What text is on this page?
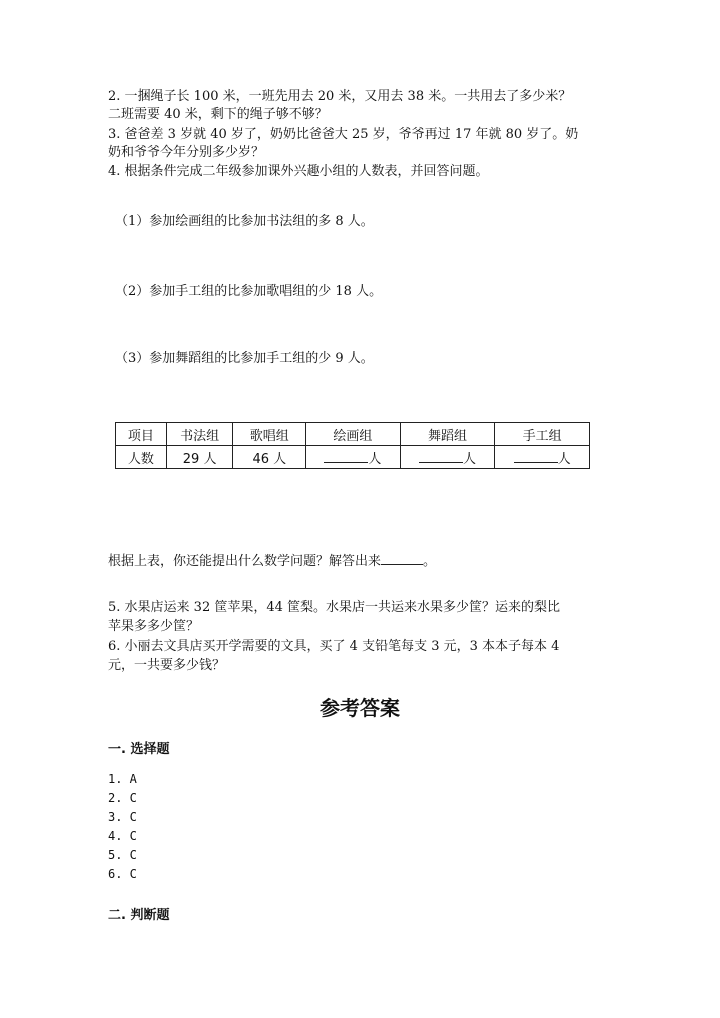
2. 一捆绳子长 100 米，一班先用去 20 米，又用去 38 米。一共用去了多少米？
二班需要 40 米，剩下的绳子够不够？
3. 爸爸差 3 岁就 40 岁了，奶奶比爸爸大 25 岁，爷爷再过 17 年就 80 岁了。奶
奶和爷爷今年分别多少岁？
4. 根据条件完成二年级参加课外兴趣小组的人数表，并回答问题。
（1）参加绘画组的比参加书法组的多 8 人。
（2）参加手工组的比参加歌唱组的少 18 人。
（3）参加舞蹈组的比参加手工组的少 9 人。
项目	书法组	歌唱组	绘画组	舞蹈组	手工组
人数	29 人	46 人	人	人	人
根据上表，你还能提出什么数学问题？解答出来	。
5. 水果店运来 32 筐苹果，44 筐梨。水果店一共运来水果多少筐？运来的梨比
苹果多多少筐？
6. 小丽去文具店买开学需要的文具，买了 4 支铅笔每支 3 元，3 本本子每本 4
元，一共要多少钱？
参考答案
一. 选择题
1. A
2. C
3. C
4. C
5. C
6. C
二. 判断题
